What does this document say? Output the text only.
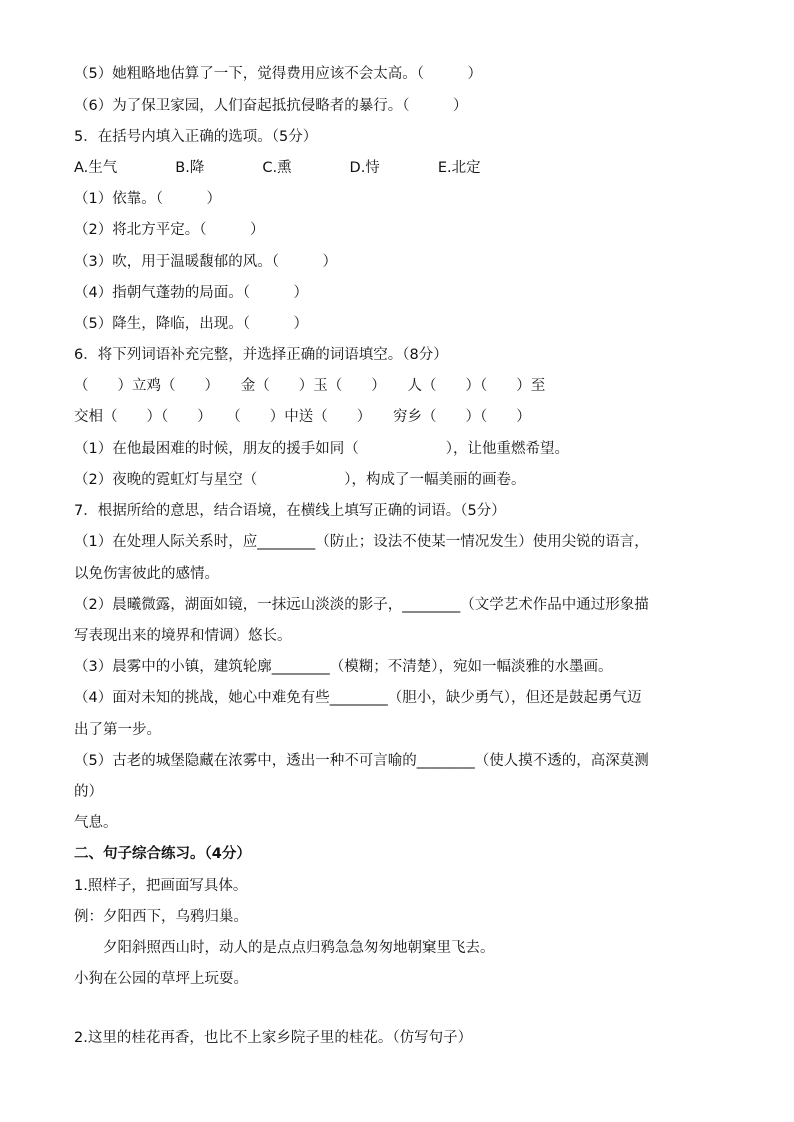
（5）她粗略地估算了一下，觉得费用应该不会太高。（　　　）
（6）为了保卫家园，人们奋起抵抗侵略者的暴行。（　　　）
5．在括号内填入正确的选项。（5分）
A.生气　　　　B.降　　　　C.熏　　　　D.恃　　　　E.北定
（1）依靠。（　　　）
（2）将北方平定。（　　　）
（3）吹，用于温暖馥郁的风。（　　　）
（4）指朝气蓬勃的局面。（　　　）
（5）降生，降临，出现。（　　　）
6．将下列词语补充完整，并选择正确的词语填空。（8分）
（　　）立鸡（　　）　　金（　　）玉（　　）　　人（　　）（　　）至
交相（　　）（　　）　　（　　）中送（　　）　　穷乡（　　）（　　）
（1）在他最困难的时候，朋友的援手如同（　　　　　　），让他重燃希望。
（2）夜晚的霓虹灯与星空（　　　　　　），构成了一幅美丽的画卷。
7．根据所给的意思，结合语境，在横线上填写正确的词语。（5分）
（1）在处理人际关系时，应________（防止；设法不使某一情况发生）使用尖锐的语言，
以免伤害彼此的感情。
（2）晨曦微露，湖面如镜，一抹远山淡淡的影子，________（文学艺术作品中通过形象描
写表现出来的境界和情调）悠长。
（3）晨雾中的小镇，建筑轮廓________（模糊；不清楚），宛如一幅淡雅的水墨画。
（4）面对未知的挑战，她心中难免有些________（胆小，缺少勇气），但还是鼓起勇气迈
出了第一步。
（5）古老的城堡隐藏在浓雾中，透出一种不可言喻的________（使人摸不透的，高深莫测
的）
气息。
二、句子综合练习。（4分）
1.照样子，把画面写具体。
例：夕阳西下，乌鸦归巢。
　　夕阳斜照西山时，动人的是点点归鸦急急匆匆地朝窠里飞去。
小狗在公园的草坪上玩耍。
2.这里的桂花再香，也比不上家乡院子里的桂花。（仿写句子）
